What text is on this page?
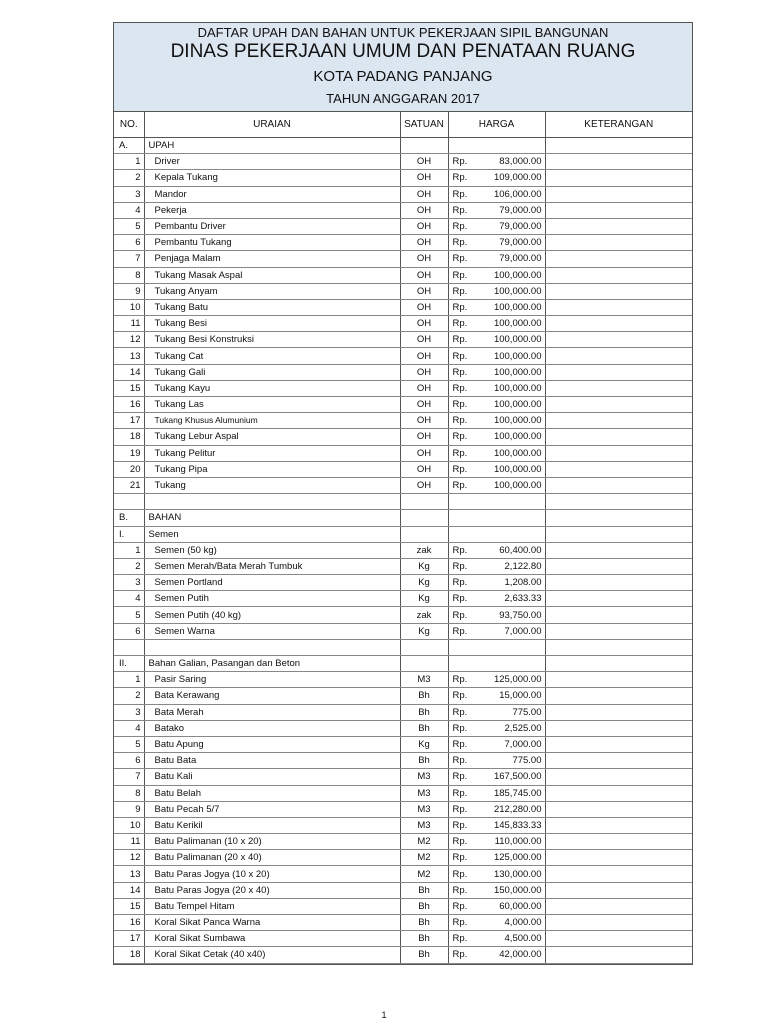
DAFTAR UPAH DAN BAHAN UNTUK PEKERJAAN SIPIL BANGUNAN
DINAS PEKERJAAN UMUM DAN PENATAAN RUANG
KOTA PADANG PANJANG
TAHUN ANGGARAN 2017
NO.	URAIAN	SATUAN	HARGA		KETERANGAN
A.	UPAH				
1	Driver	OH	Rp.	83,000.00	
2	Kepala Tukang	OH	Rp.	109,000.00	
3	Mandor	OH	Rp.	106,000.00	
4	Pekerja	OH	Rp.	79,000.00	
5	Pembantu Driver	OH	Rp.	79,000.00	
6	Pembantu Tukang	OH	Rp.	79,000.00	
7	Penjaga Malam	OH	Rp.	79,000.00	
8	Tukang Masak Aspal	OH	Rp.	100,000.00	
9	Tukang Anyam	OH	Rp.	100,000.00	
10	Tukang Batu	OH	Rp.	100,000.00	
11	Tukang Besi	OH	Rp.	100,000.00	
12	Tukang Besi Konstruksi	OH	Rp.	100,000.00	
13	Tukang Cat	OH	Rp.	100,000.00	
14	Tukang Gali	OH	Rp.	100,000.00	
15	Tukang Kayu	OH	Rp.	100,000.00	
16	Tukang Las	OH	Rp.	100,000.00	
17	Tukang Khusus Alumunium	OH	Rp.	100,000.00	
18	Tukang Lebur Aspal	OH	Rp.	100,000.00	
19	Tukang Pelitur	OH	Rp.	100,000.00	
20	Tukang Pipa	OH	Rp.	100,000.00	
21	Tukang	OH	Rp.	100,000.00	

B.	BAHAN				
I.	Semen				
1	Semen (50 kg)	zak	Rp.	60,400.00	
2	Semen Merah/Bata Merah Tumbuk	Kg	Rp.	2,122.80	
3	Semen Portland	Kg	Rp.	1,208.00	
4	Semen Putih	Kg	Rp.	2,633.33	
5	Semen Putih (40 kg)	zak	Rp.	93,750.00	
6	Semen Warna	Kg	Rp.	7,000.00	

II.	Bahan Galian, Pasangan dan Beton				
1	Pasir Saring	M3	Rp.	125,000.00	
2	Bata Kerawang	Bh	Rp.	15,000.00	
3	Bata Merah	Bh	Rp.	775.00	
4	Batako	Bh	Rp.	2,525.00	
5	Batu Apung	Kg	Rp.	7,000.00	
6	Batu Bata	Bh	Rp.	775.00	
7	Batu Kali	M3	Rp.	167,500.00	
8	Batu Belah	M3	Rp.	185,745.00	
9	Batu Pecah 5/7	M3	Rp.	212,280.00	
10	Batu Kerikil	M3	Rp.	145,833.33	
11	Batu Palimanan (10 x 20)	M2	Rp.	110,000.00	
12	Batu Palimanan (20 x 40)	M2	Rp.	125,000.00	
13	Batu Paras Jogya (10 x 20)	M2	Rp.	130,000.00	
14	Batu Paras Jogya (20 x 40)	Bh	Rp.	150,000.00	
15	Batu Tempel Hitam	Bh	Rp.	60,000.00	
16	Koral Sikat Panca Warna	Bh	Rp.	4,000.00	
17	Koral Sikat Sumbawa	Bh	Rp.	4,500.00	
18	Koral Sikat Cetak (40 x40)	Bh	Rp.	42,000.00	
1
